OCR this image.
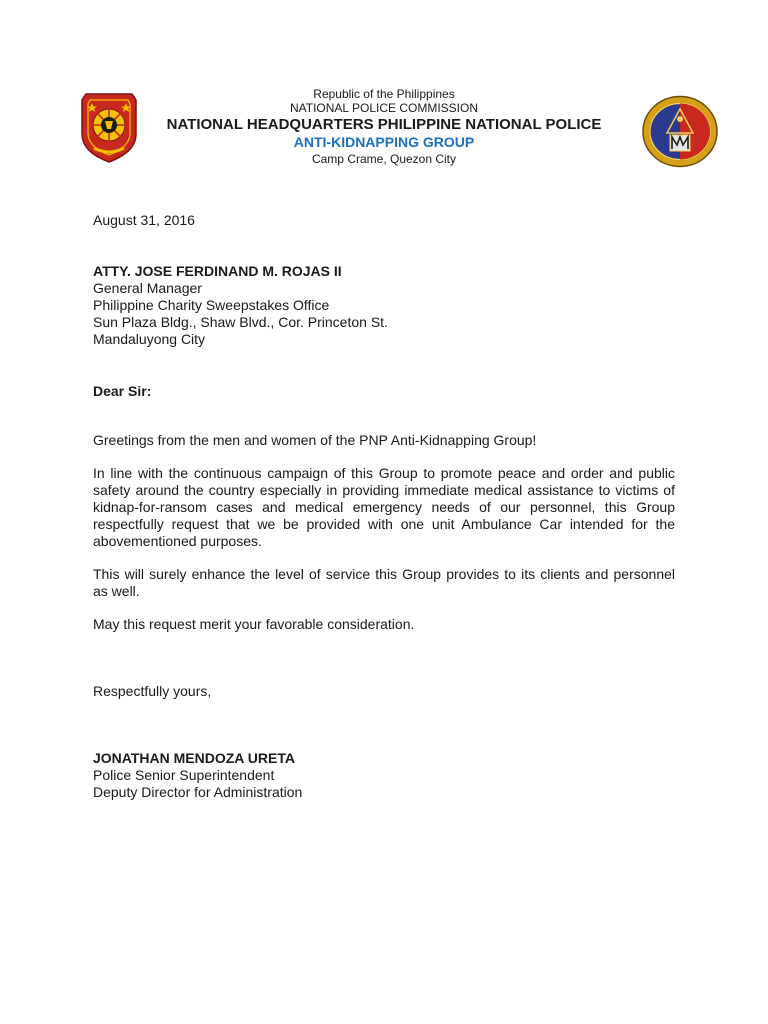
Republic of the Philippines
NATIONAL POLICE COMMISSION
NATIONAL HEADQUARTERS PHILIPPINE NATIONAL POLICE
ANTI-KIDNAPPING GROUP
Camp Crame, Quezon City
August 31, 2016
ATTY. JOSE FERDINAND M. ROJAS II
General Manager
Philippine Charity Sweepstakes Office
Sun Plaza Bldg., Shaw Blvd., Cor. Princeton St.
Mandaluyong City
Dear Sir:

Greetings from the men and women of the PNP Anti-Kidnapping Group!

In line with the continuous campaign of this Group to promote peace and order and public safety around the country especially in providing immediate medical assistance to victims of kidnap-for-ransom cases and medical emergency needs of our personnel, this Group respectfully request that we be provided with one unit Ambulance Car intended for the abovementioned purposes.

This will surely enhance the level of service this Group provides to its clients and personnel as well.

May this request merit your favorable consideration.

Respectfully yours,
JONATHAN MENDOZA URETA
Police Senior Superintendent
Deputy Director for Administration
